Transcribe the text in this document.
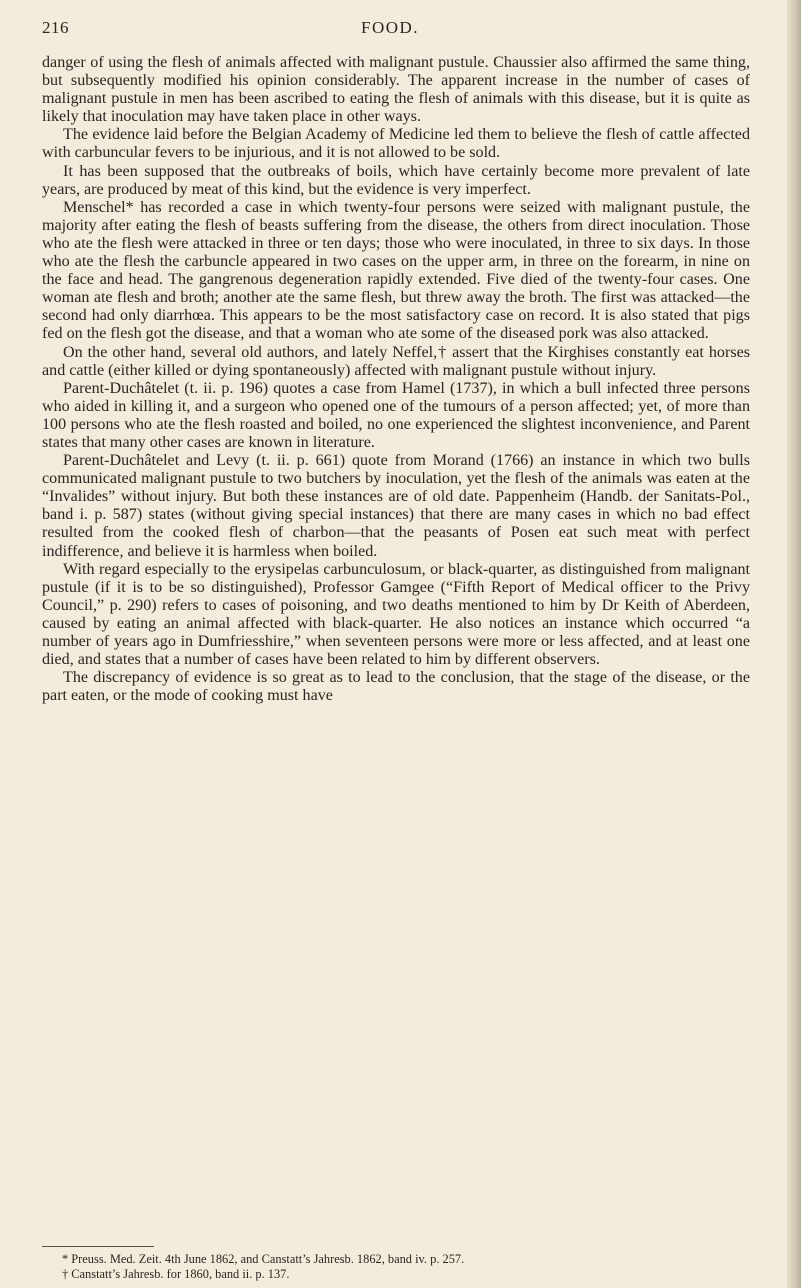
216	FOOD.

danger of using the flesh of animals affected with malignant pustule. Chaussier also affirmed the same thing, but subsequently modified his opinion considerably. The apparent increase in the number of cases of malignant pustule in men has been ascribed to eating the flesh of animals with this disease, but it is quite as likely that inoculation may have taken place in other ways.

The evidence laid before the Belgian Academy of Medicine led them to believe the flesh of cattle affected with carbuncular fevers to be injurious, and it is not allowed to be sold.

It has been supposed that the outbreaks of boils, which have certainly become more prevalent of late years, are produced by meat of this kind, but the evidence is very imperfect.

Menschel* has recorded a case in which twenty-four persons were seized with malignant pustule, the majority after eating the flesh of beasts suffering from the disease, the others from direct inoculation. Those who ate the flesh were attacked in three or ten days; those who were inoculated, in three to six days. In those who ate the flesh the carbuncle appeared in two cases on the upper arm, in three on the forearm, in nine on the face and head. The gangrenous degeneration rapidly extended. Five died of the twenty-four cases. One woman ate flesh and broth; another ate the same flesh, but threw away the broth. The first was attacked—the second had only diarrhœa. This appears to be the most satisfactory case on record. It is also stated that pigs fed on the flesh got the disease, and that a woman who ate some of the diseased pork was also attacked.

On the other hand, several old authors, and lately Neffel,† assert that the Kirghises constantly eat horses and cattle (either killed or dying spontaneously) affected with malignant pustule without injury.

Parent-Duchâtelet (t. ii. p. 196) quotes a case from Hamel (1737), in which a bull infected three persons who aided in killing it, and a surgeon who opened one of the tumours of a person affected; yet, of more than 100 persons who ate the flesh roasted and boiled, no one experienced the slightest inconvenience, and Parent states that many other cases are known in literature.

Parent-Duchâtelet and Levy (t. ii. p. 661) quote from Morand (1766) an instance in which two bulls communicated malignant pustule to two butchers by inoculation, yet the flesh of the animals was eaten at the “Invalides” without injury. But both these instances are of old date. Pappenheim (Handb. der Sanitats-Pol., band i. p. 587) states (without giving special instances) that there are many cases in which no bad effect resulted from the cooked flesh of charbon—that the peasants of Posen eat such meat with perfect indifference, and believe it is harmless when boiled.

With regard especially to the erysipelas carbunculosum, or black-quarter, as distinguished from malignant pustule (if it is to be so distinguished), Professor Gamgee (“Fifth Report of Medical officer to the Privy Council,” p. 290) refers to cases of poisoning, and two deaths mentioned to him by Dr Keith of Aberdeen, caused by eating an animal affected with black-quarter. He also notices an instance which occurred “a number of years ago in Dumfriesshire,” when seventeen persons were more or less affected, and at least one died, and states that a number of cases have been related to him by different observers.

The discrepancy of evidence is so great as to lead to the conclusion, that the stage of the disease, or the part eaten, or the mode of cooking must have

* Preuss. Med. Zeit. 4th June 1862, and Canstatt’s Jahresb. 1862, band iv. p. 257.
† Canstatt’s Jahresb. for 1860, band ii. p. 137.
